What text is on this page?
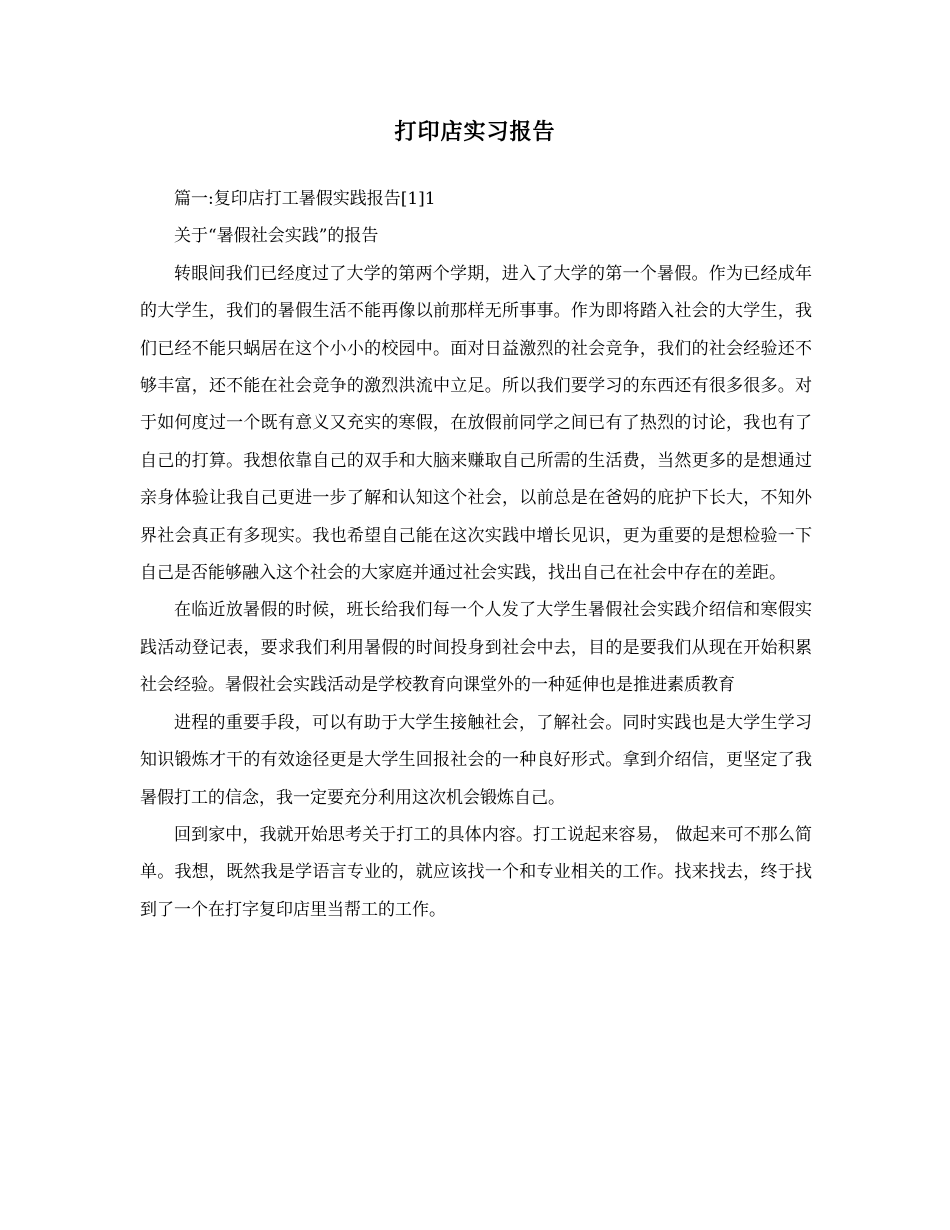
打印店实习报告

篇一:复印店打工暑假实践报告[1]1

关于“暑假社会实践”的报告

转眼间我们已经度过了大学的第两个学期，进入了大学的第一个暑假。作为已经成年的大学生，我们的暑假生活不能再像以前那样无所事事。作为即将踏入社会的大学生，我们已经不能只蜗居在这个小小的校园中。面对日益激烈的社会竞争，我们的社会经验还不够丰富，还不能在社会竞争的激烈洪流中立足。所以我们要学习的东西还有很多很多。对于如何度过一个既有意义又充实的寒假，在放假前同学之间已有了热烈的讨论，我也有了自己的打算。我想依靠自己的双手和大脑来赚取自己所需的生活费，当然更多的是想通过亲身体验让我自己更进一步了解和认知这个社会，以前总是在爸妈的庇护下长大，不知外界社会真正有多现实。我也希望自己能在这次实践中增长见识，更为重要的是想检验一下自己是否能够融入这个社会的大家庭并通过社会实践，找出自己在社会中存在的差距。

在临近放暑假的时候，班长给我们每一个人发了大学生暑假社会实践介绍信和寒假实践活动登记表，要求我们利用暑假的时间投身到社会中去，目的是要我们从现在开始积累社会经验。暑假社会实践活动是学校教育向课堂外的一种延伸也是推进素质教育

进程的重要手段，可以有助于大学生接触社会，了解社会。同时实践也是大学生学习知识锻炼才干的有效途径更是大学生回报社会的一种良好形式。拿到介绍信，更坚定了我暑假打工的信念，我一定要充分利用这次机会锻炼自己。

回到家中，我就开始思考关于打工的具体内容。打工说起来容易， 做起来可不那么简单。我想，既然我是学语言专业的，就应该找一个和专业相关的工作。找来找去，终于找到了一个在打字复印店里当帮工的工作。
